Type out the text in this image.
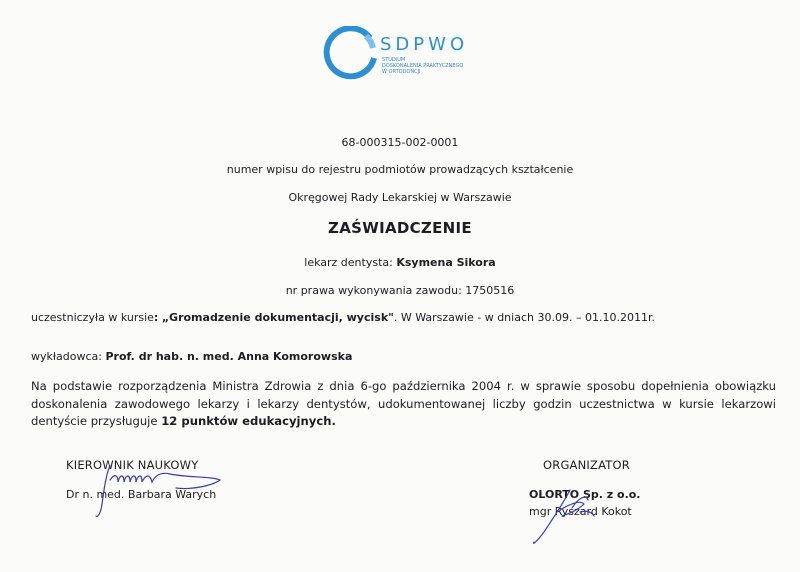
SDPWO
STUDIUM
DOSKONALENIA PRAKTYCZNEGO
W ORTODONCJI
68-000315-002-0001
numer wpisu do rejestru podmiotów prowadzących kształcenie
Okręgowej Rady Lekarskiej w Warszawie
ZAŚWIADCZENIE
lekarz dentysta: Ksymena Sikora
nr prawa wykonywania zawodu: 1750516
uczestniczyła w kursie: „Gromadzenie dokumentacji, wycisk". W Warszawie - w dniach 30.09. – 01.10.2011r.
wykładowca: Prof. dr hab. n. med. Anna Komorowska
Na podstawie rozporządzenia Ministra Zdrowia z dnia 6-go października 2004 r. w sprawie sposobu dopełnienia obowiązku doskonalenia zawodowego lekarzy i lekarzy dentystów, udokumentowanej liczby godzin uczestnictwa w kursie lekarzowi dentyście przysługuje 12 punktów edukacyjnych.
KIEROWNIK NAUKOWY
Dr n. med. Barbara Warych
ORGANIZATOR
OLORTO Sp. z o.o.
mgr Ryszard Kokot
